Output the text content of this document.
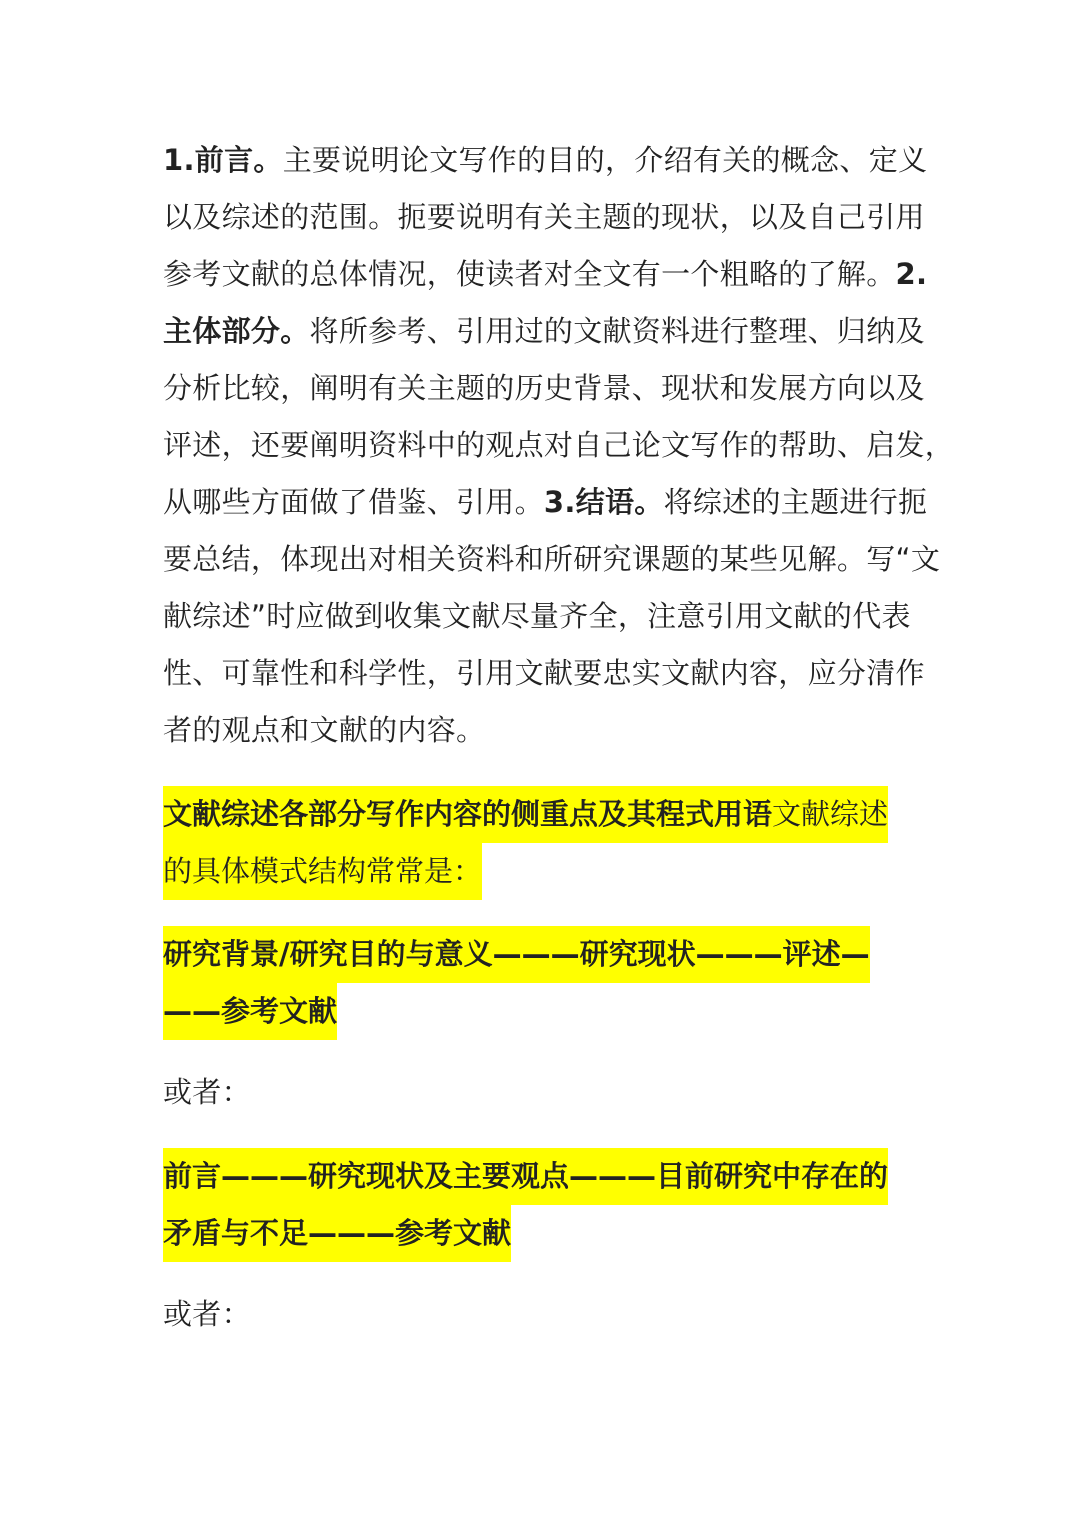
1.前言。主要说明论文写作的目的，介绍有关的概念、定义
以及综述的范围。扼要说明有关主题的现状，以及自己引用
参考文献的总体情况，使读者对全文有一个粗略的了解。2.
主体部分。将所参考、引用过的文献资料进行整理、归纳及
分析比较，阐明有关主题的历史背景、现状和发展方向以及
评述，还要阐明资料中的观点对自己论文写作的帮助、启发，
从哪些方面做了借鉴、引用。3.结语。将综述的主题进行扼
要总结，体现出对相关资料和所研究课题的某些见解。写“文
献综述”时应做到收集文献尽量齐全，注意引用文献的代表
性、可靠性和科学性，引用文献要忠实文献内容，应分清作
者的观点和文献的内容。
文献综述各部分写作内容的侧重点及其程式用语文献综述
的具体模式结构常常是：
研究背景/研究目的与意义———研究现状———评述—
——参考文献
或者：
前言———研究现状及主要观点———目前研究中存在的
矛盾与不足———参考文献
或者：
